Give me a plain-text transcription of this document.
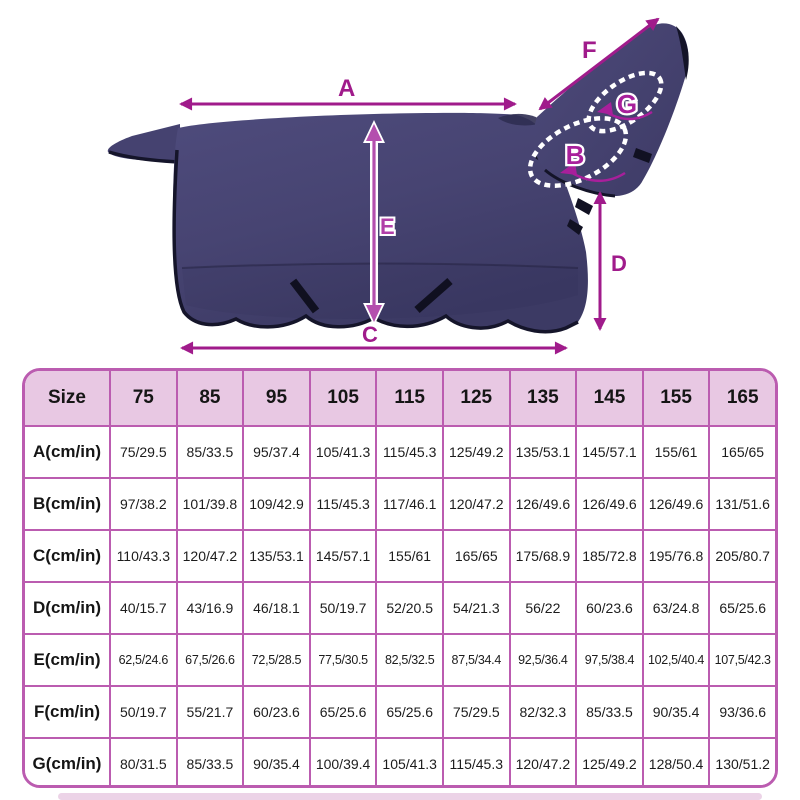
A
C
D
F
E
B
G
Size	75	85	95	105	115	125	135	145	155	165
A(cm/in)	75/29.5	85/33.5	95/37.4	105/41.3	115/45.3	125/49.2	135/53.1	145/57.1	155/61	165/65
B(cm/in)	97/38.2	101/39.8	109/42.9	115/45.3	117/46.1	120/47.2	126/49.6	126/49.6	126/49.6	131/51.6
C(cm/in)	110/43.3	120/47.2	135/53.1	145/57.1	155/61	165/65	175/68.9	185/72.8	195/76.8	205/80.7
D(cm/in)	40/15.7	43/16.9	46/18.1	50/19.7	52/20.5	54/21.3	56/22	60/23.6	63/24.8	65/25.6
E(cm/in)	62,5/24.6	67,5/26.6	72,5/28.5	77,5/30.5	82,5/32.5	87,5/34.4	92,5/36.4	97,5/38.4	102,5/40.4	107,5/42.3
F(cm/in)	50/19.7	55/21.7	60/23.6	65/25.6	65/25.6	75/29.5	82/32.3	85/33.5	90/35.4	93/36.6
G(cm/in)	80/31.5	85/33.5	90/35.4	100/39.4	105/41.3	115/45.3	120/47.2	125/49.2	128/50.4	130/51.2
